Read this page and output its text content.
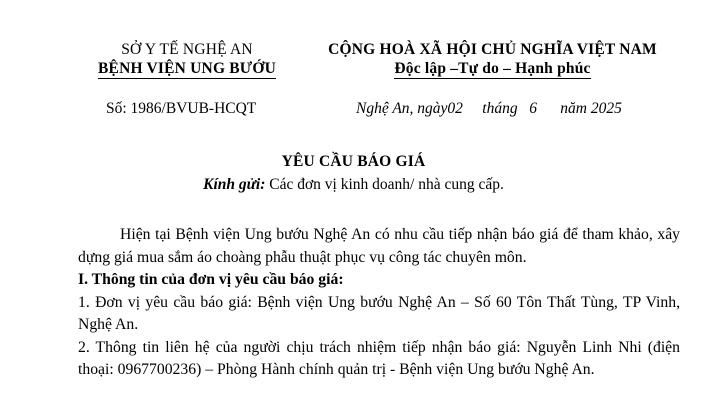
SỞ Y TẾ NGHỆ AN
BỆNH VIỆN UNG BƯỚU
CỘNG HOÀ XÃ HỘI CHỦ NGHĨA VIỆT NAM
Độc lập –Tự do – Hạnh phúc
Số: 1986/BVUB-HCQT	Nghệ An, ngày02 tháng 6 năm 2025
YÊU CẦU BÁO GIÁ
Kính gửi: Các đơn vị kinh doanh/ nhà cung cấp.

Hiện tại Bệnh viện Ung bướu Nghệ An có nhu cầu tiếp nhận báo giá để tham khảo, xây dựng giá mua sắm áo choàng phẫu thuật phục vụ công tác chuyên môn.

I. Thông tin của đơn vị yêu cầu báo giá:

1. Đơn vị yêu cầu báo giá: Bệnh viện Ung bướu Nghệ An – Số 60 Tôn Thất Tùng, TP Vinh, Nghệ An.

2. Thông tin liên hệ của người chịu trách nhiệm tiếp nhận báo giá: Nguyễn Linh Nhi (điện thoại: 0967700236) – Phòng Hành chính quản trị - Bệnh viện Ung bướu Nghệ An.
